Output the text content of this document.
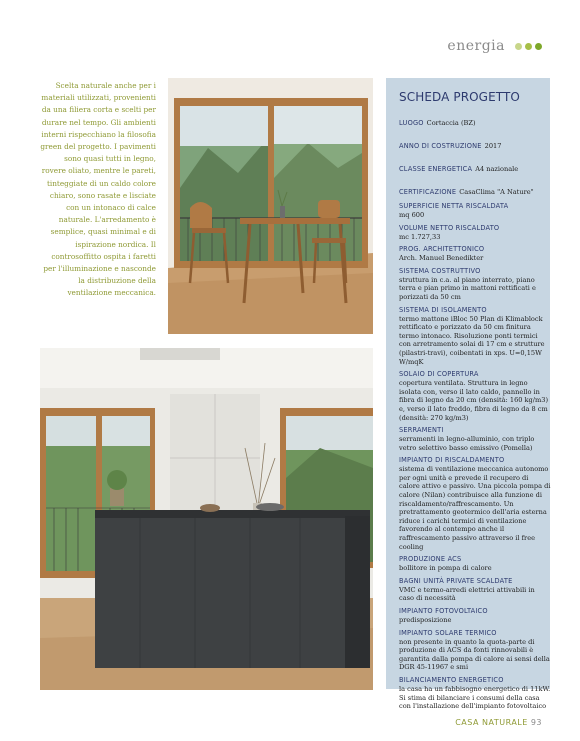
energia
Scelta naturale anche per i materiali utilizzati, provenienti da una filiera corta e scelti per durare nel tempo. Gli ambienti interni rispecchiano la filosofia green del progetto. I pavimenti sono quasi tutti in legno, rovere oliato, mentre le pareti, tinteggiate di un caldo colore chiaro, sono rasate e lisciate con un intonaco di calce naturale. L'arredamento è semplice, quasi minimal e di ispirazione nordica. Il controsoffitto ospita i faretti per l'illuminazione e nasconde la distribuzione della ventilazione meccanica.
SCHEDA PROGETTO
LUOGO Cortaccia (BZ)
ANNO DI COSTRUZIONE 2017
CLASSE ENERGETICA A4 nazionale
CERTIFICAZIONE CasaClima "A Nature"
SUPERFICIE NETTA RISCALDATA
mq 600
VOLUME NETTO RISCALDATO
mc 1.727,33
PROG. ARCHITETTONICO
Arch. Manuel Benedikter
SISTEMA COSTRUTTIVO
struttura in c.a. al piano interrato, piano terra e pian primo in mattoni rettificati e porizzati da 50 cm
SISTEMA DI ISOLAMENTO
termo mattone iBloc 50 Plan di Klimablock rettificato e porizzato da 50 cm finitura termo intonaco. Risoluzione ponti termici con arretramento solai di 17 cm e strutture (pilastri-travi), coibentati in xps. U=0,15W W/mqK
SOLAIO DI COPERTURA
copertura ventilata. Struttura in legno isolata con, verso il lato caldo, pannello in fibra di legno da 20 cm (densità: 160 kg/m3) e, verso il lato freddo, fibra di legno da 8 cm (densità: 270 kg/m3)
SERRAMENTI
serramenti in legno-alluminio, con triplo vetro selettivo basso emissivo (Pomella)
IMPIANTO DI RISCALDAMENTO
sistema di ventilazione meccanica autonomo per ogni unità e prevede il recupero di calore attivo e passivo. Una piccola pompa di calore (Nilan) contribuisce alla funzione di riscaldamento/raffrescamento. Un pretrattamento geotermico dell'aria esterna riduce i carichi termici di ventilazione favorendo al contempo anche il raffrescamento passivo attraverso il free cooling
PRODUZIONE ACS
bollitore in pompa di calore
BAGNI UNITÀ PRIVATE SCALDATE
VMC e termo-arredi elettrici attivabili in caso di necessità
IMPIANTO FOTOVOLTAICO
predisposizione
IMPIANTO SOLARE TERMICO
non presente in quanto la quota-parte di produzione di ACS da fonti rinnovabili è garantita dalla pompa di calore ai sensi della DGR 45-11967 e smi
BILANCIAMENTO ENERGETICO
la casa ha un fabbisogno energetico di 11kW. Si stima di bilanciare i consumi della casa con l'installazione dell'impianto fotovoltaico
CASA NATURALE 93
